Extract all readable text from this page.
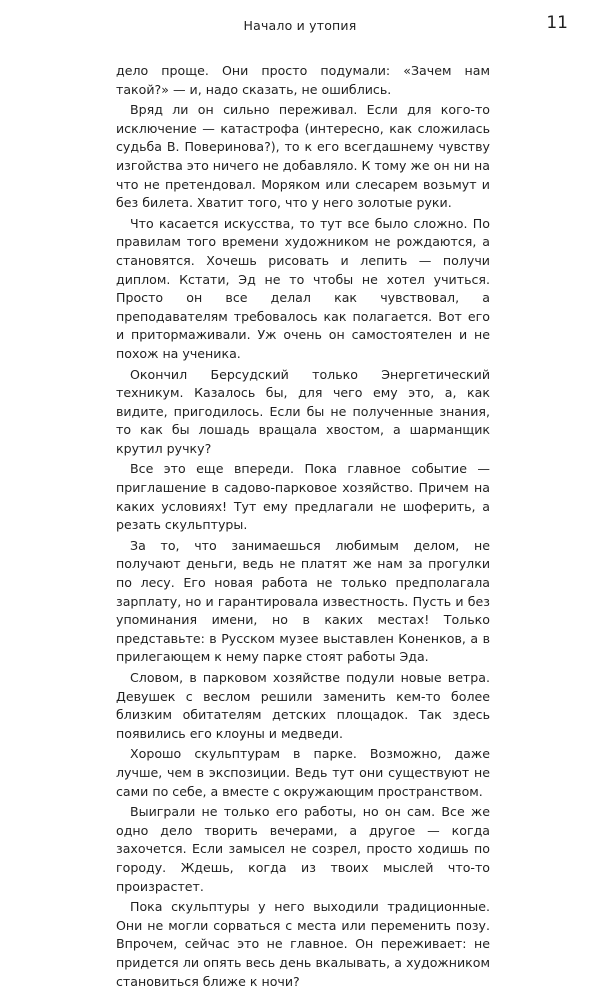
Начало и утопия	11

дело проще. Они просто подумали: «Зачем нам такой?» — и, надо сказать, не ошиблись.

Вряд ли он сильно переживал. Если для кого-то исключение — катастрофа (интересно, как сложилась судьба В. Поверинова?), то к его всегдашнему чувству изгойства это ничего не добавляло. К тому же он ни на что не претендовал. Моряком или слесарем возьмут и без билета. Хватит того, что у него золотые руки.

Что касается искусства, то тут все было сложно. По правилам того времени художником не рождаются, а становятся. Хочешь рисовать и лепить — получи диплом. Кстати, Эд не то чтобы не хотел учиться. Просто он все делал как чувствовал, а преподавателям требовалось как полагается. Вот его и притормаживали. Уж очень он самостоятелен и не похож на ученика.

Окончил Берсудский только Энергетический техникум. Казалось бы, для чего ему это, а, как видите, пригодилось. Если бы не полученные знания, то как бы лошадь вращала хвостом, а шарманщик крутил ручку?

Все это еще впереди. Пока главное событие — приглашение в садово-парковое хозяйство. Причем на каких условиях! Тут ему предлагали не шоферить, а резать скульптуры.

За то, что занимаешься любимым делом, не получают деньги, ведь не платят же нам за прогулки по лесу. Его новая работа не только предполагала зарплату, но и гарантировала известность. Пусть и без упоминания имени, но в каких местах! Только представьте: в Русском музее выставлен Коненков, а в прилегающем к нему парке стоят работы Эда.

Словом, в парковом хозяйстве подули новые ветра. Девушек с веслом решили заменить кем-то более близким обитателям детских площадок. Так здесь появились его клоуны и медведи.

Хорошо скульптурам в парке. Возможно, даже лучше, чем в экспозиции. Ведь тут они существуют не сами по себе, а вместе с окружающим пространством.

Выиграли не только его работы, но он сам. Все же одно дело творить вечерами, а другое — когда захочется. Если замысел не созрел, просто ходишь по городу. Ждешь, когда из твоих мыслей что-то произрастет.

Пока скульптуры у него выходили традиционные. Они не могли сорваться с места или переменить позу. Впрочем, сейчас это не главное. Он переживает: не придется ли опять весь день вкалывать, а художником становиться ближе к ночи?
